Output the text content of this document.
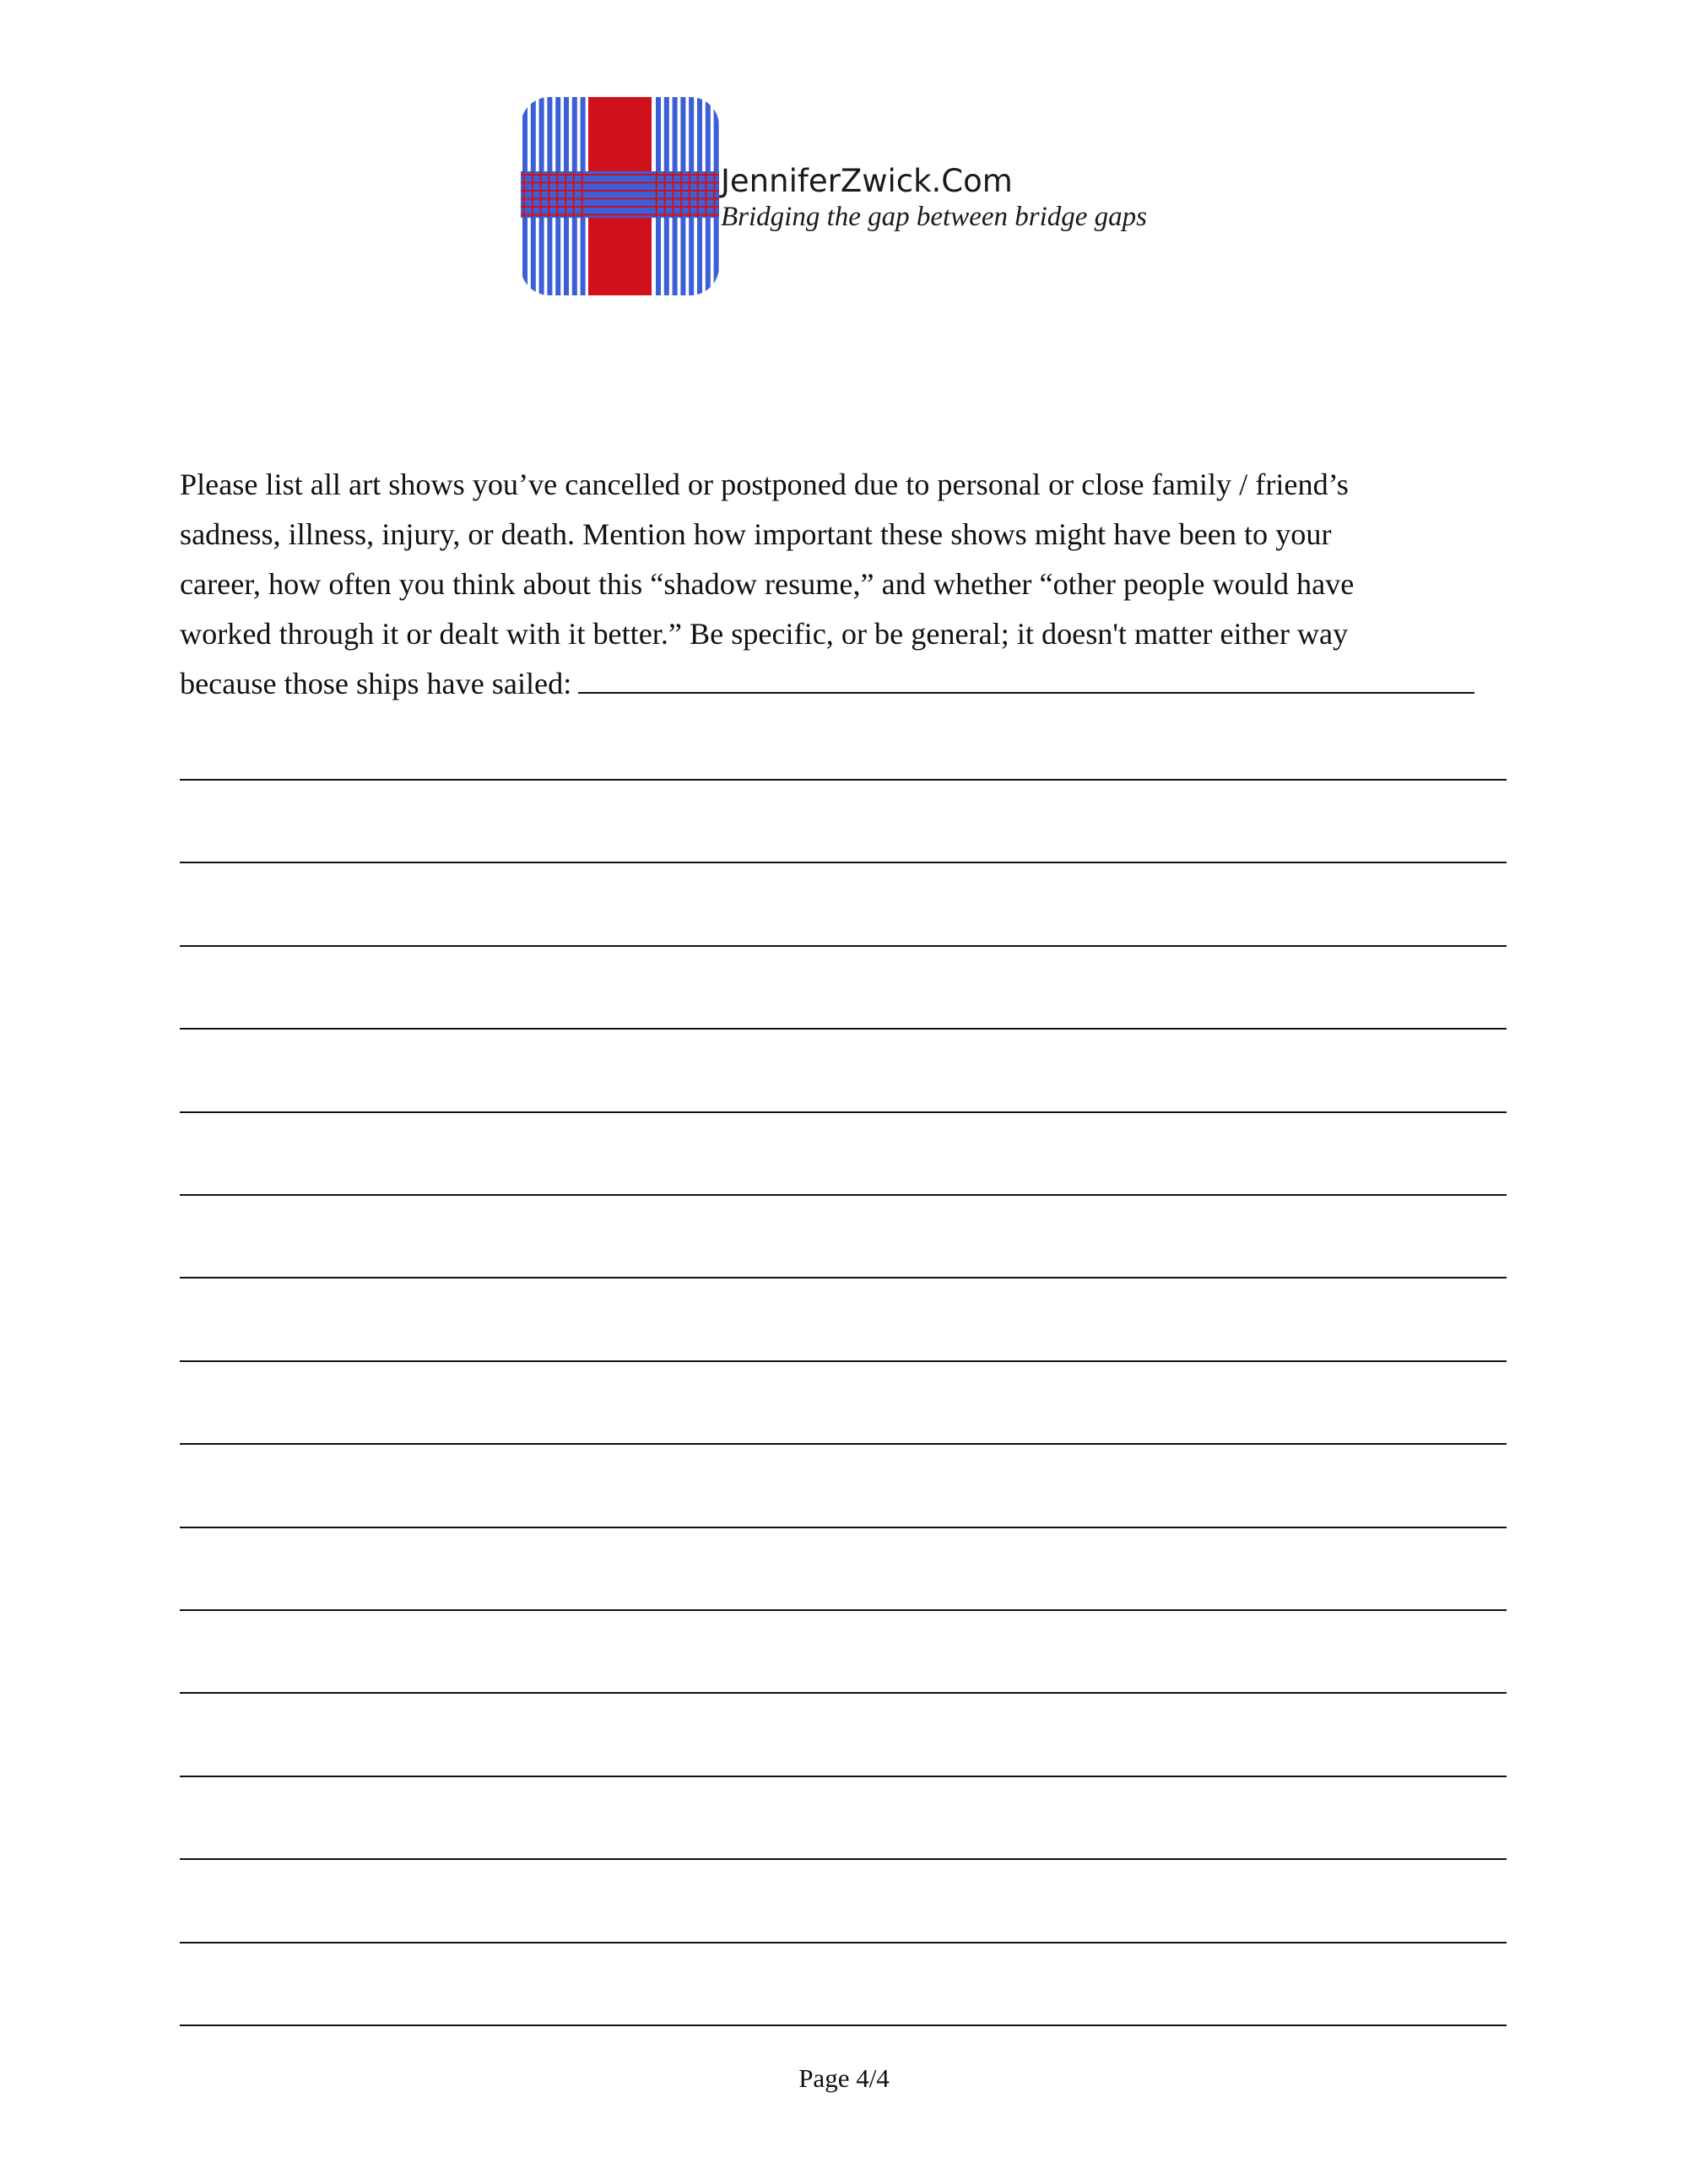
JenniferZwick.Com
Bridging the gap between bridge gaps

Please list all art shows you’ve cancelled or postponed due to personal or close family / friend’s
sadness, illness, injury, or death. Mention how important these shows might have been to your
career, how often you think about this “shadow resume,” and whether “other people would have
worked through it or dealt with it better.” Be specific, or be general; it doesn't matter either way
because those ships have sailed:

Page 4/4
